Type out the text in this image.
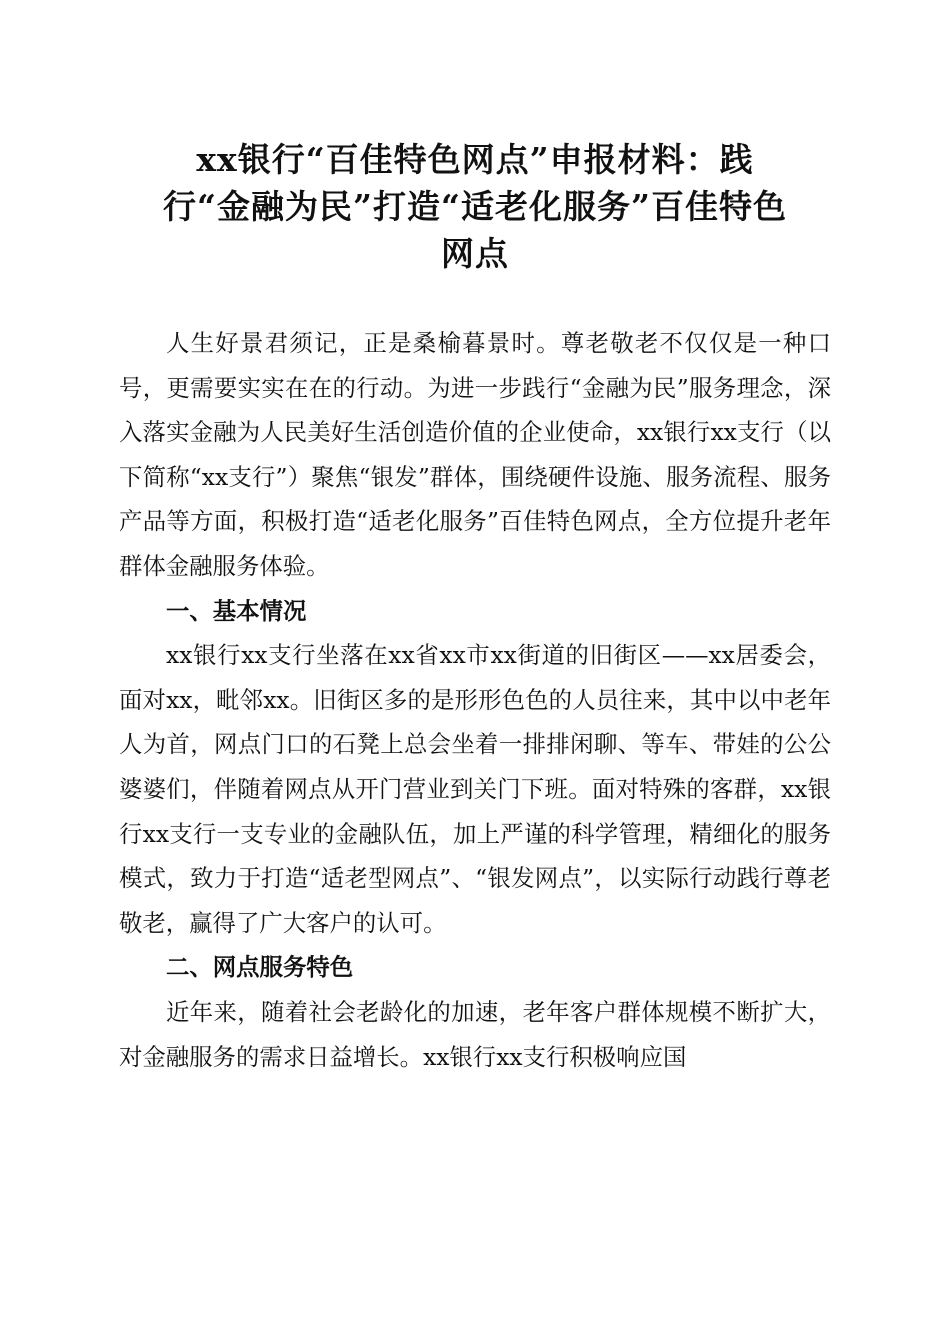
xx银行“百佳特色网点”申报材料：践
行“金融为民”打造“适老化服务”百佳特色
网点

人生好景君须记，正是桑榆暮景时。尊老敬老不仅仅是一种口号，更需要实实在在的行动。为进一步践行“金融为民”服务理念，深入落实金融为人民美好生活创造价值的企业使命，xx银行xx支行（以下简称“xx支行”）聚焦“银发”群体，围绕硬件设施、服务流程、服务产品等方面，积极打造“适老化服务”百佳特色网点，全方位提升老年群体金融服务体验。

一、基本情况

xx银行xx支行坐落在xx省xx市xx街道的旧街区——xx居委会，面对xx，毗邻xx。旧街区多的是形形色色的人员往来，其中以中老年人为首，网点门口的石凳上总会坐着一排排闲聊、等车、带娃的公公婆婆们，伴随着网点从开门营业到关门下班。面对特殊的客群，xx银行xx支行一支专业的金融队伍，加上严谨的科学管理，精细化的服务模式，致力于打造“适老型网点”、“银发网点”，以实际行动践行尊老敬老，赢得了广大客户的认可。

二、网点服务特色

近年来，随着社会老龄化的加速，老年客户群体规模不断扩大，对金融服务的需求日益增长。xx银行xx支行积极响应国
